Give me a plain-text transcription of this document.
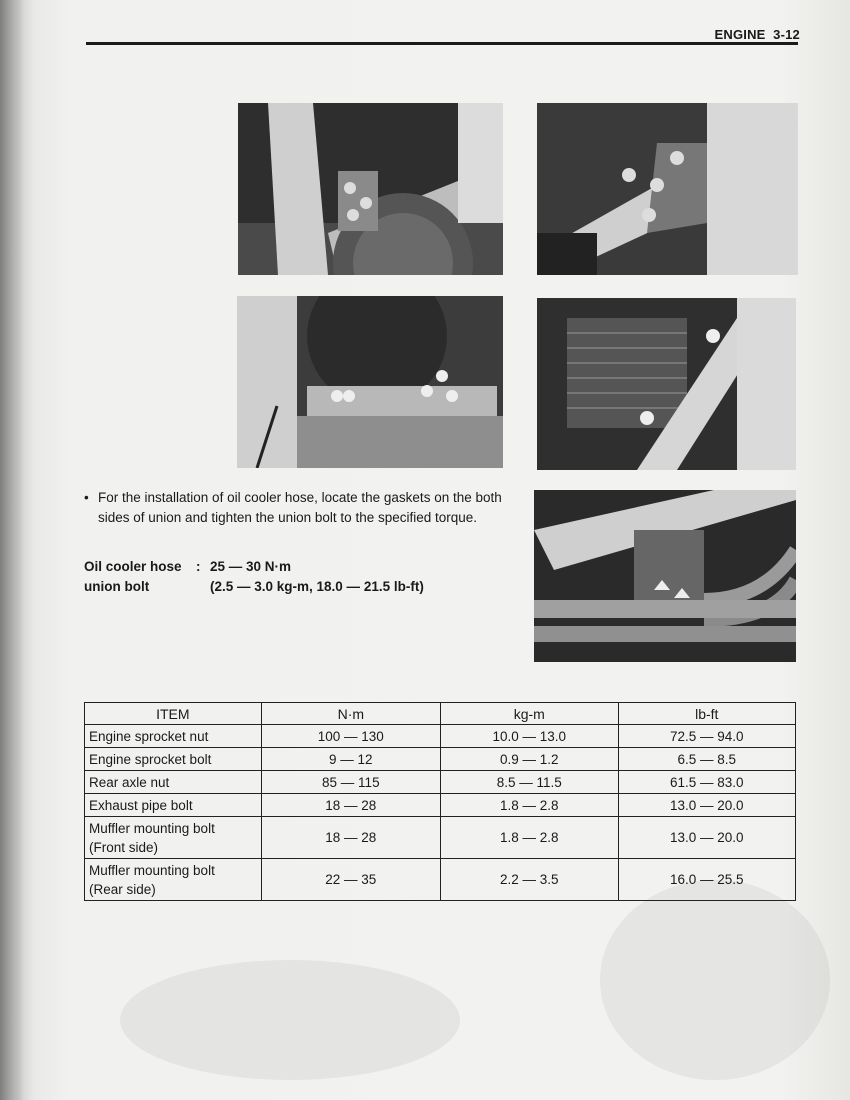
ENGINE 3-12
• For the installation of oil cooler hose, locate the gaskets on the both sides of union and tighten the union bolt to the specified torque.
Oil cooler hose	: 25 — 30 N·m
union bolt	(2.5 — 3.0 kg-m, 18.0 — 21.5 lb-ft)
ITEM	N·m	kg-m	lb-ft
Engine sprocket nut	100 — 130	10.0 — 13.0	72.5 — 94.0
Engine sprocket bolt	9 — 12	0.9 — 1.2	6.5 — 8.5
Rear axle nut	85 — 115	8.5 — 11.5	61.5 — 83.0
Exhaust pipe bolt	18 — 28	1.8 — 2.8	13.0 — 20.0

Muffler mounting bolt
(Front side)	18 — 28	1.8 — 2.8	13.0 — 20.0

Muffler mounting bolt
(Rear side)	22 — 35	2.2 — 3.5	16.0 — 25.5
